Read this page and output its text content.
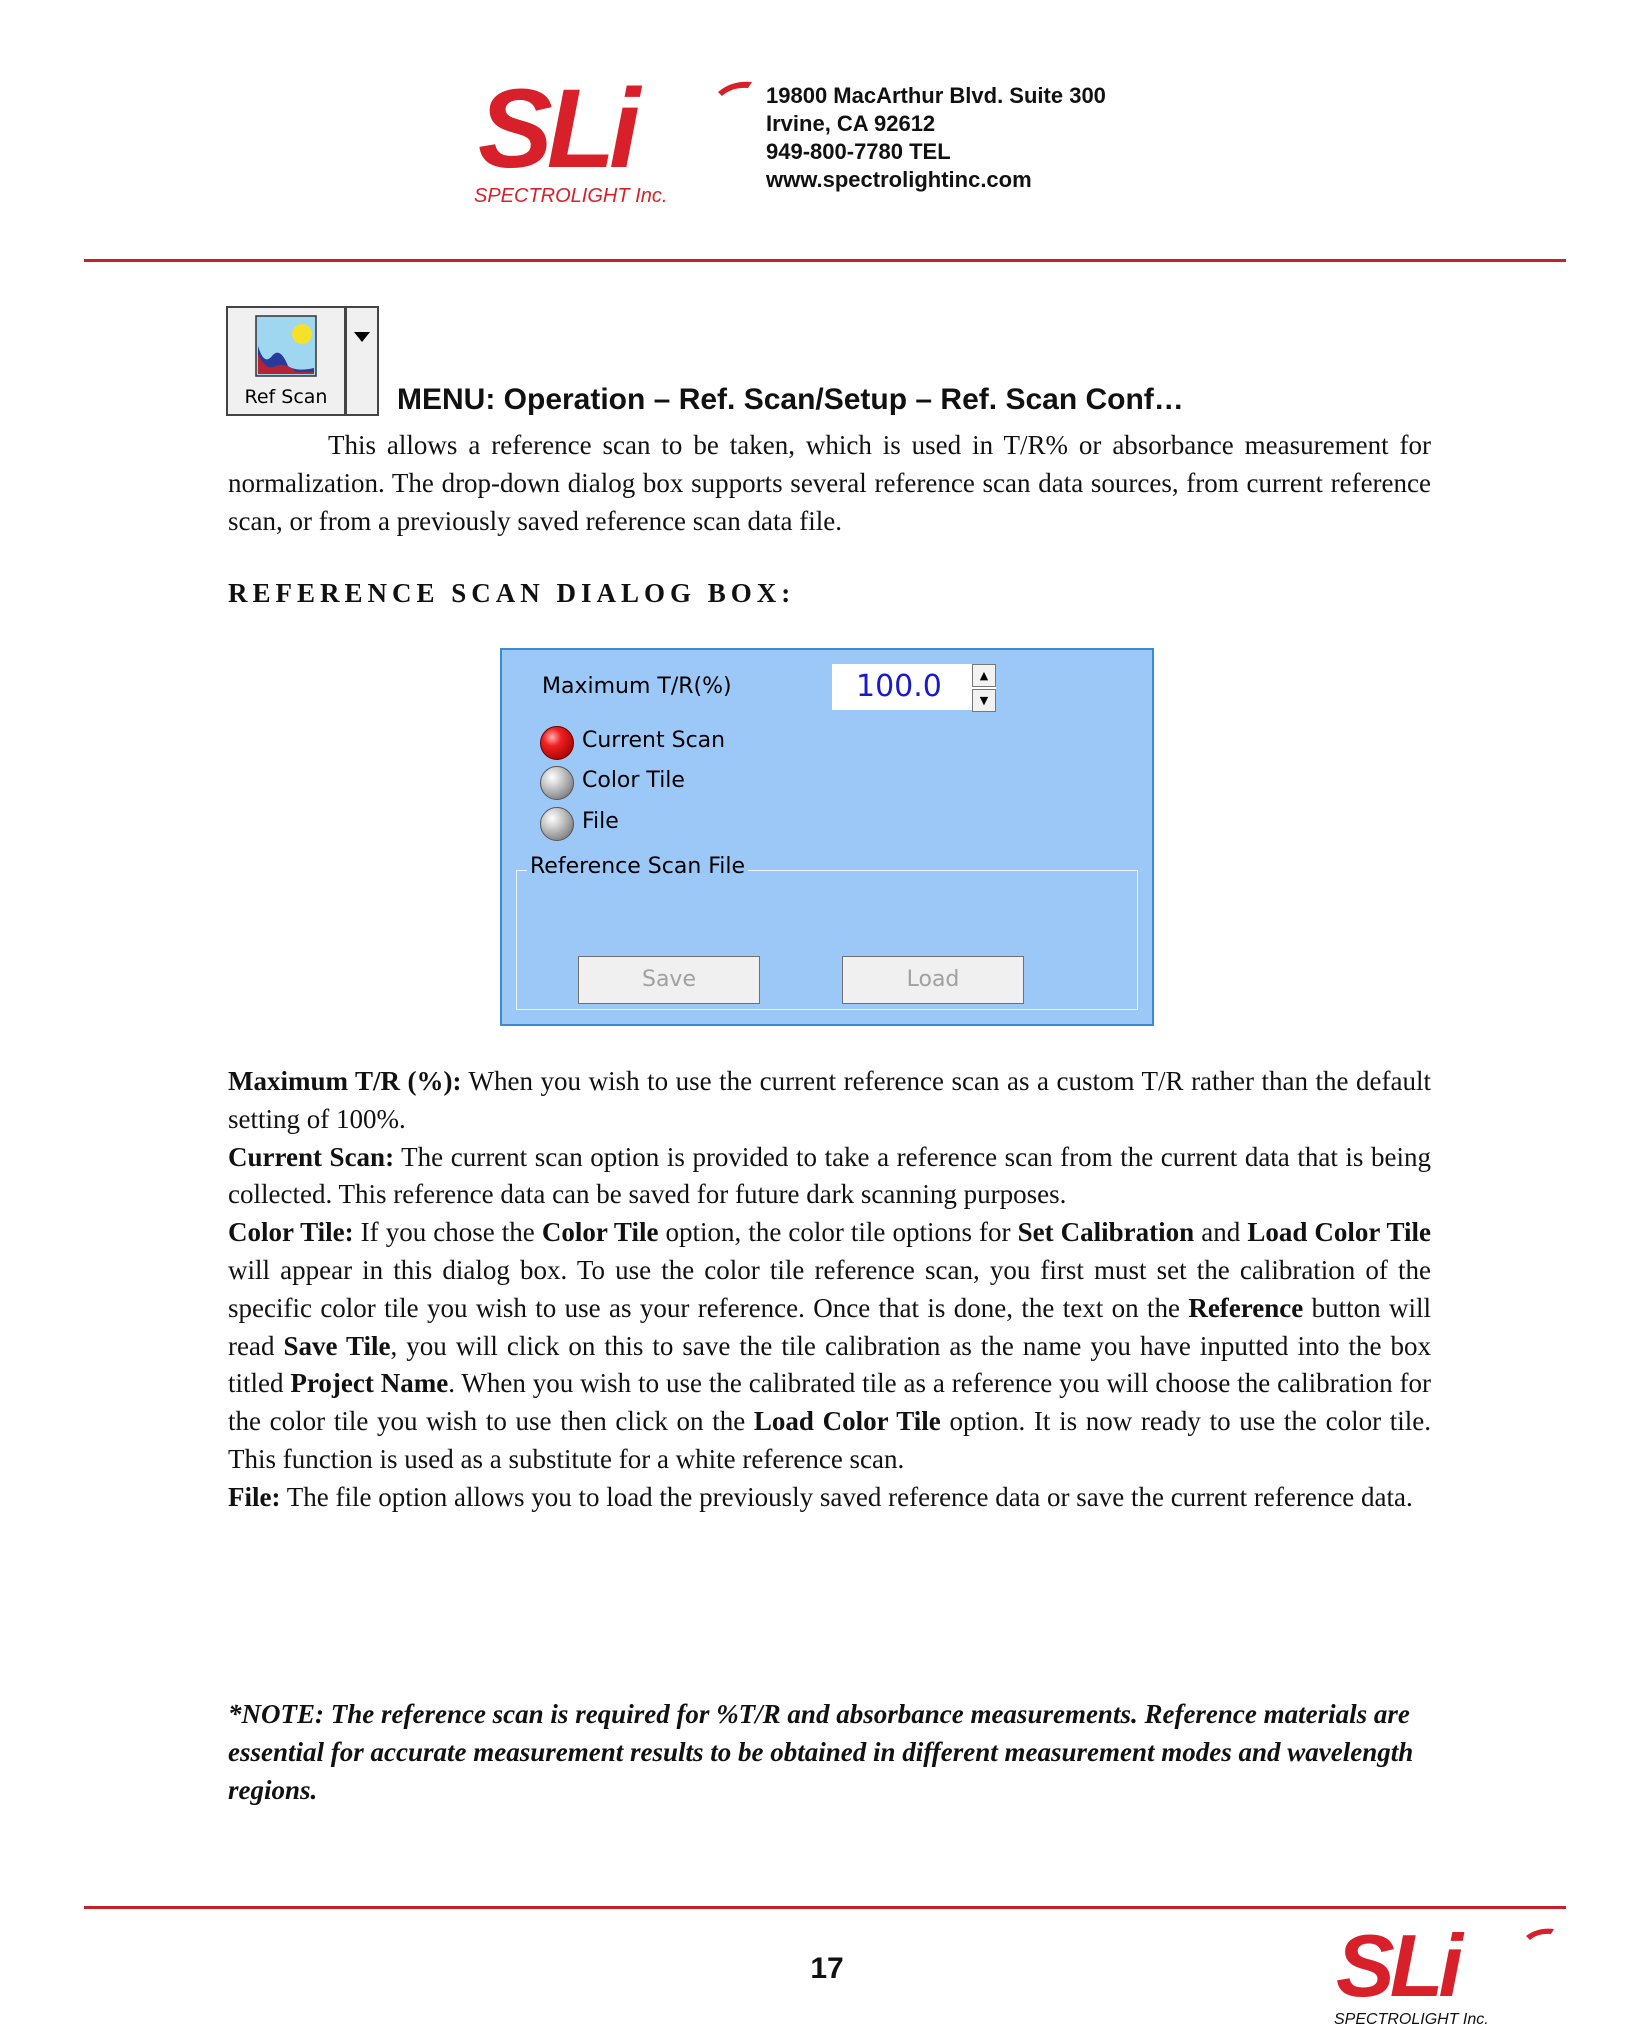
SLi
SPECTROLIGHT Inc.
19800 MacArthur Blvd. Suite 300
Irvine, CA 92612
949-800-7780 TEL
www.spectrolightinc.com
Ref Scan MENU: Operation – Ref. Scan/Setup – Ref. Scan Conf…

This allows a reference scan to be taken, which is used in T/R% or absorbance measurement for normalization. The drop-down dialog box supports several reference scan data sources, from current reference scan, or from a previously saved reference scan data file.

REFERENCE SCAN DIALOG BOX:
Maximum T/R(%)	100.0	▲
▼
Current Scan
Color Tile
File
Reference Scan File
Save	Load

Maximum T/R (%): When you wish to use the current reference scan as a custom T/R rather than the default setting of 100%.

Current Scan: The current scan option is provided to take a reference scan from the current data that is being collected. This reference data can be saved for future dark scanning purposes.

Color Tile: If you chose the Color Tile option, the color tile options for Set Calibration and Load Color Tile will appear in this dialog box. To use the color tile reference scan, you first must set the calibration of the specific color tile you wish to use as your reference. Once that is done, the text on the Reference button will read Save Tile, you will click on this to save the tile calibration as the name you have inputted into the box titled Project Name. When you wish to use the calibrated tile as a reference you will choose the calibration for the color tile you wish to use then click on the Load Color Tile option. It is now ready to use the color tile. This function is used as a substitute for a white reference scan.

File: The file option allows you to load the previously saved reference data or save the current reference data.

*NOTE: The reference scan is required for %T/R and absorbance measurements. Reference materials are essential for accurate measurement results to be obtained in different measurement modes and wavelength regions.
17	SLi
SPECTROLIGHT Inc.
